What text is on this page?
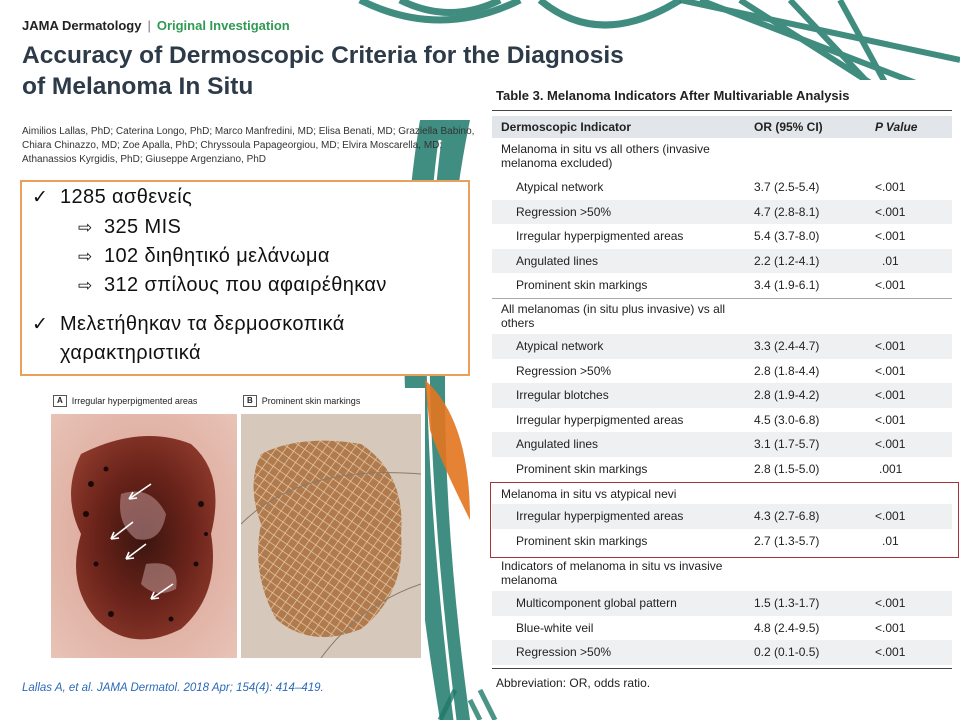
JAMA Dermatology | Original Investigation
Accuracy of Dermoscopic Criteria for the Diagnosis of Melanoma In Situ
Aimilios Lallas, PhD; Caterina Longo, PhD; Marco Manfredini, MD; Elisa Benati, MD; Graziella Babino, Chiara Chinazzo, MD; Zoe Apalla, PhD; Chryssoula Papageorgiou, MD; Elvira Moscarella, MD; Athanassios Kyrgidis, PhD; Giuseppe Argenziano, PhD
✓ 1285 ασθενείς
⇨ 325 MIS
⇨ 102 διηθητικό μελάνωμα
⇨ 312 σπίλους που αφαιρέθηκαν
✓ Μελετήθηκαν τα δερμοσκοπικά
χαρακτηριστικά
A	Irregular hyperpigmented areas	B	Prominent skin markings
Lallas A, et al. JAMA Dermatol. 2018 Apr; 154(4): 414–419.
Table 3. Melanoma Indicators After Multivariable Analysis
Dermoscopic Indicator	OR (95% CI)	P Value
Melanoma in situ vs all others (invasive melanoma excluded)
Atypical network	3.7 (2.5-5.4)	<.001
Regression >50%	4.7 (2.8-8.1)	<.001
Irregular hyperpigmented areas	5.4 (3.7-8.0)	<.001
Angulated lines	2.2 (1.2-4.1)	.01
Prominent skin markings	3.4 (1.9-6.1)	<.001
All melanomas (in situ plus invasive) vs all others
Atypical network	3.3 (2.4-4.7)	<.001
Regression >50%	2.8 (1.8-4.4)	<.001
Irregular blotches	2.8 (1.9-4.2)	<.001
Irregular hyperpigmented areas	4.5 (3.0-6.8)	<.001
Angulated lines	3.1 (1.7-5.7)	<.001
Prominent skin markings	2.8 (1.5-5.0)	.001
Melanoma in situ vs atypical nevi
Irregular hyperpigmented areas	4.3 (2.7-6.8)	<.001
Prominent skin markings	2.7 (1.3-5.7)	.01
Indicators of melanoma in situ vs invasive melanoma
Multicomponent global pattern	1.5 (1.3-1.7)	<.001
Blue-white veil	4.8 (2.4-9.5)	<.001
Regression >50%	0.2 (0.1-0.5)	<.001
Abbreviation: OR, odds ratio.
